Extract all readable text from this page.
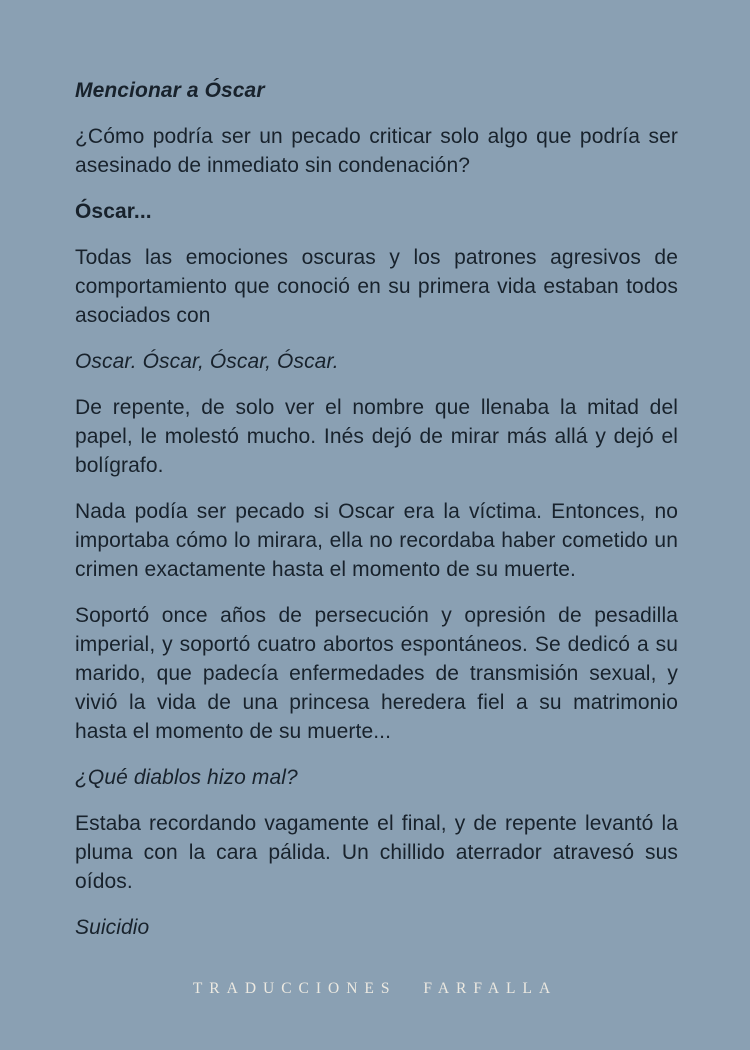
Mencionar a Óscar

¿Cómo podría ser un pecado criticar solo algo que podría ser asesinado de inmediato sin condenación?

Óscar...

Todas las emociones oscuras y los patrones agresivos de comportamiento que conoció en su primera vida estaban todos asociados con

Oscar. Óscar, Óscar, Óscar.

De repente, de solo ver el nombre que llenaba la mitad del papel, le molestó mucho. Inés dejó de mirar más allá y dejó el bolígrafo.

Nada podía ser pecado si Oscar era la víctima. Entonces, no importaba cómo lo mirara, ella no recordaba haber cometido un crimen exactamente hasta el momento de su muerte.

Soportó once años de persecución y opresión de pesadilla imperial, y soportó cuatro abortos espontáneos. Se dedicó a su marido, que padecía enfermedades de transmisión sexual, y vivió la vida de una princesa heredera fiel a su matrimonio hasta el momento de su muerte...

¿Qué diablos hizo mal?

Estaba recordando vagamente el final, y de repente levantó la pluma con la cara pálida. Un chillido aterrador atravesó sus oídos.

Suicidio
TRADUCCIONES FARFALLA
